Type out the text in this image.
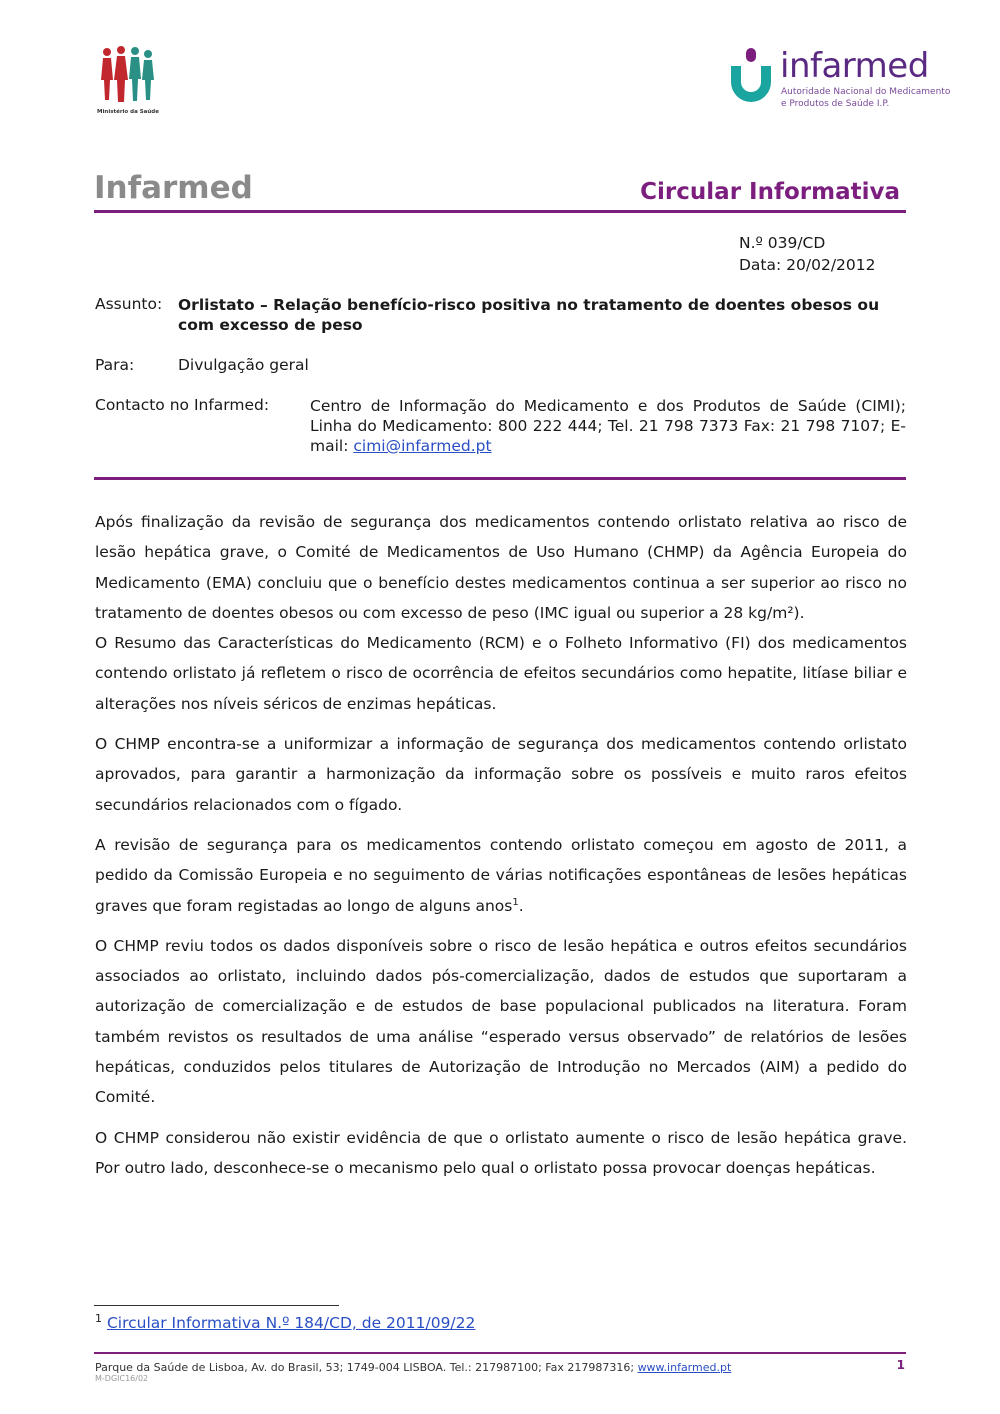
Ministério da Saúde
infarmed
Autoridade Nacional do Medicamento
e Produtos de Saúde I.P.
Infarmed	Circular Informativa
N.º 039/CD
Data: 20/02/2012
Assunto: Orlistato – Relação benefício-risco positiva no tratamento de doentes obesos ou com excesso de peso
Para:	Divulgação geral
Contacto no Infarmed:	Centro de Informação do Medicamento e dos Produtos de Saúde (CIMI); Linha do Medicamento: 800 222 444; Tel. 21 798 7373 Fax: 21 798 7107; E-mail: cimi@infarmed.pt

Após finalização da revisão de segurança dos medicamentos contendo orlistato relativa ao risco de lesão hepática grave, o Comité de Medicamentos de Uso Humano (CHMP) da Agência Europeia do Medicamento (EMA) concluiu que o benefício destes medicamentos continua a ser superior ao risco no tratamento de doentes obesos ou com excesso de peso (IMC igual ou superior a 28 kg/m²).

O Resumo das Características do Medicamento (RCM) e o Folheto Informativo (FI) dos medicamentos contendo orlistato já refletem o risco de ocorrência de efeitos secundários como hepatite, litíase biliar e alterações nos níveis séricos de enzimas hepáticas.

O CHMP encontra-se a uniformizar a informação de segurança dos medicamentos contendo orlistato aprovados, para garantir a harmonização da informação sobre os possíveis e muito raros efeitos secundários relacionados com o fígado.

A revisão de segurança para os medicamentos contendo orlistato começou em agosto de 2011, a pedido da Comissão Europeia e no seguimento de várias notificações espontâneas de lesões hepáticas graves que foram registadas ao longo de alguns anos$^1$.

O CHMP reviu todos os dados disponíveis sobre o risco de lesão hepática e outros efeitos secundários associados ao orlistato, incluindo dados pós-comercialização, dados de estudos que suportaram a autorização de comercialização e de estudos de base populacional publicados na literatura. Foram também revistos os resultados de uma análise “esperado versus observado” de relatórios de lesões hepáticas, conduzidos pelos titulares de Autorização de Introdução no Mercados (AIM) a pedido do Comité.

O CHMP considerou não existir evidência de que o orlistato aumente o risco de lesão hepática grave. Por outro lado, desconhece-se o mecanismo pelo qual o orlistato possa provocar doenças hepáticas.

$^1$ Circular Informativa N.º 184/CD, de 2011/09/22
Parque da Saúde de Lisboa, Av. do Brasil, 53; 1749-004 LISBOA. Tel.: 217987100; Fax 217987316; www.infarmed.pt
M-DGIC16/02
1
